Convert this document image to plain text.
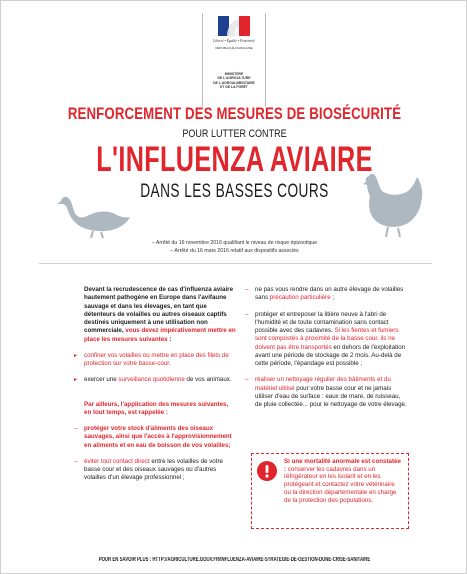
Liberté • Égalité • Fraternité
RÉPUBLIQUE FRANÇAISE
MINISTÈRE
DE L'AGRICULTURE
DE L'AGROALIMENTAIRE
ET DE LA FORÊT
RENFORCEMENT DES MESURES DE BIOSÉCURITÉ
POUR LUTTER CONTRE
L'INFLUENZA AVIAIRE
DANS LES BASSES COURS
– Arrêté du 16 novembre 2016 qualifiant le niveau de risque épizootique
– Arrêté du 16 mars 2016 relatif aux dispositifs associés

Devant la recrudescence de cas d'influenza aviaire hautement pathogène en Europe dans l'avifaune sauvage et dans les élevages, en tant que détenteurs de volailles ou autres oiseaux captifs destinés uniquement à une utilisation non commerciale, vous devez impérativement mettre en place les mesures suivantes :

▸ confiner vos volailles ou mettre en place des filets de protection sur votre basse-cour.

▸ exercer une surveillance quotidienne de vos animaux.

Par ailleurs, l'application des mesures suivantes, en tout temps, est rappelée :

– protéger votre stock d'aliments des oiseaux sauvages, ainsi que l'accès à l'approvisionnement en aliments et en eau de boisson de vos volailles;

– éviter tout contact direct entre les volailles de votre basse cour et des oiseaux sauvages ou d'autres volailles d'un élevage professionnel ;

– ne pas vous rendre dans un autre élevage de volailles sans précaution particulière ;

– protéger et entreposer la litière neuve à l'abri de l'humidité et de toute contamination sans contact possible avec des cadavres. Si les fientes et fumiers sont compostés à proximité de la basse cour, ils ne doivent pas être transportés en dehors de l'exploitation avant une période de stockage de 2 mois. Au-delà de cette période, l'épandage est possible ;

– réaliser un nettoyage régulier des bâtiments et du matériel utilisé pour votre basse cour et ne jamais utiliser d'eau de surface : eaux de mare, de ruisseau, de pluie collectée... pour le nettoyage de votre élevage.

Si une mortalité anormale est constatée : conserver les cadavres dans un réfrigérateur en les isolant et en les protégeant et contactez votre vétérinaire ou la direction départementale en charge de la protection des populations.
POUR EN SAVOIR PLUS : HTTP://AGRICULTURE.GOUV.FR/INFLUENZA-AVIAIRE-STRATEGIE-DE-GESTION-DUNE-CRISE-SANITAIRE
